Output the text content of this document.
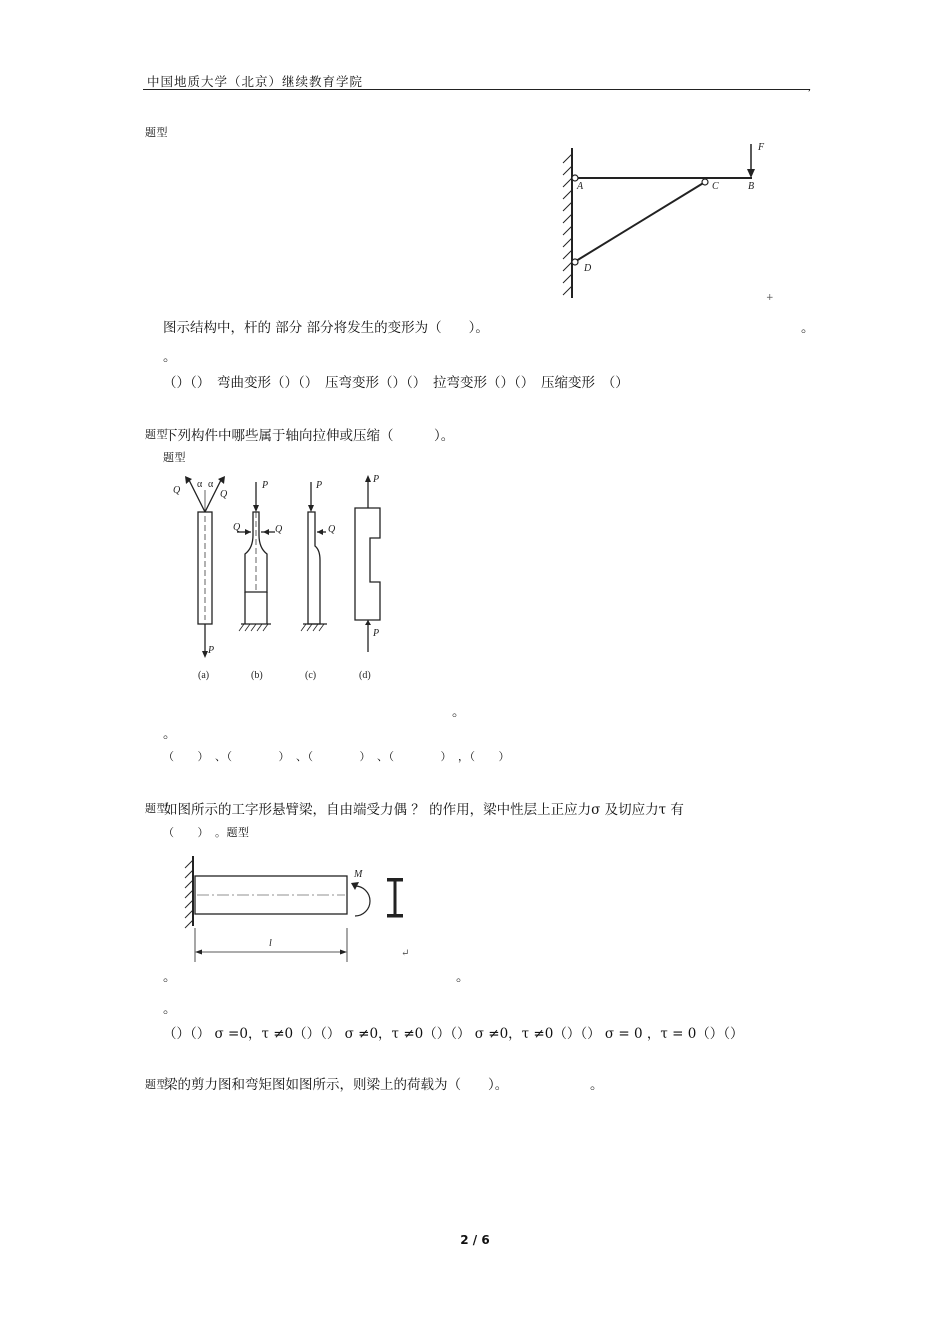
中国地质大学（北京）继续教育学院	,
题型
F
A	C	B
D
+
图示结构中，杆的 部分 部分将发生的变形为（　　）。	。
。
（）（）　弯曲变形（）（）　压弯变形（）（）　拉弯变形（）（）　压缩变形　（）
题型
下列构件中哪些属于轴向拉伸或压缩（　　　）。
题型
Q
α α
Q
P
P
Q	Q
P
Q
P
P
(a)	(b)	(c)	(d)
。
。
（　　）　、（　　　　）　、（　　　　）　、（　　　　）　，（　　）
题型
如图所示的工字形悬臂梁，自由端受力偶 ？ 的作用，梁中性层上正应力σ 及切应力τ 有
（　　）　。题型
M
l
↵
。	。
。
（）（） σ =0，τ ≠0（）（） σ ≠0，τ ≠0（）（） σ ≠0，τ ≠0（）（） σ = 0 ，τ = 0（）（）
题型
梁的剪力图和弯矩图如图所示，则梁上的荷载为（　　）。	。
2 / 6
